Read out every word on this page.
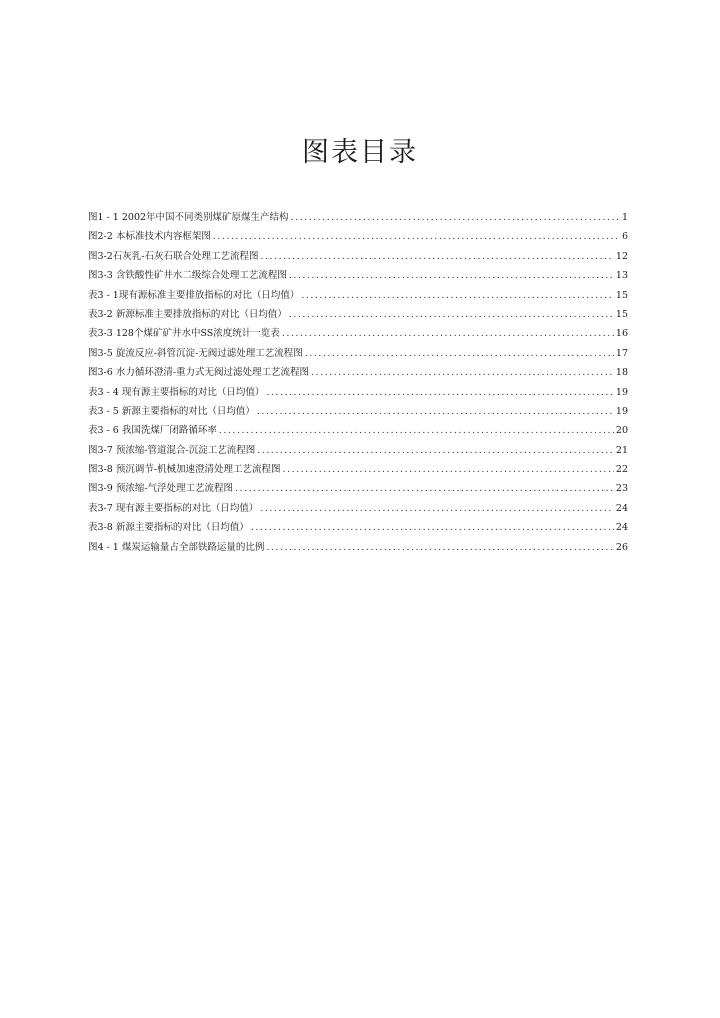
图表目录
图1 - 1 2002年中国不同类别煤矿原煤生产结构 .....	1
图2-2 本标准技术内容框架图 .....	6
图3-2石灰乳-石灰石联合处理工艺流程图 .....	12
图3-3 含铁酸性矿井水二级综合处理工艺流程图 .....	13
表3 - 1现有源标准主要排放指标的对比（日均值） .....	15
表3-2 新源标准主要排放指标的对比（日均值） .....	15
表3-3 128个煤矿矿井水中SS浓度统计一览表 .....	16
图3-5 旋流反应-斜管沉淀-无阀过滤处理工艺流程图 .....	17
图3-6 水力循环澄清-重力式无阀过滤处理工艺流程图 .....	18
表3 - 4 现有源主要指标的对比（日均值） .....	19
表3 - 5 新源主要指标的对比（日均值） .....	19
表3 - 6 我国洗煤厂闭路循环率 .....	20
图3-7 预浓缩-管道混合-沉淀工艺流程图 .....	21
图3-8 预沉调节-机械加速澄清处理工艺流程图 .....	22
图3-9 预浓缩-气浮处理工艺流程图 .....	23
表3-7 现有源主要指标的对比（日均值） .....	24
表3-8 新源主要指标的对比（日均值） .....	24
图4 - 1 煤炭运输量占全部铁路运量的比例 .....	26
